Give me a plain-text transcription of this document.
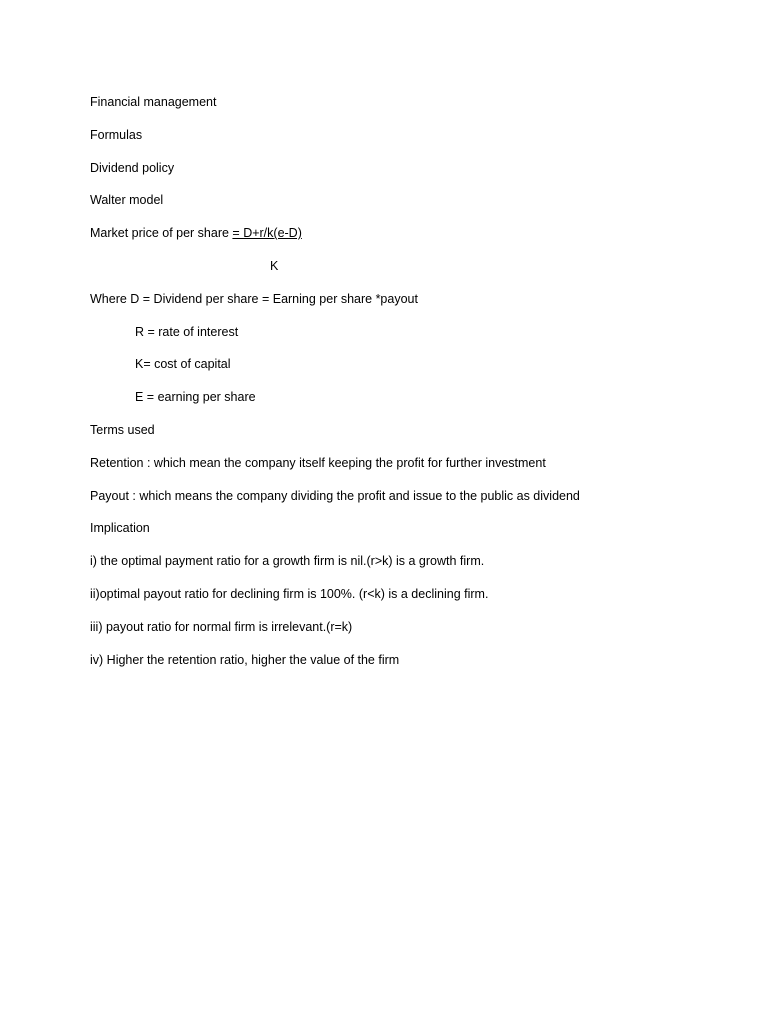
Financial management
Formulas
Dividend policy
Walter model
Market price of per share = D+r/k(e-D)
K
Where D = Dividend per share = Earning per share *payout
R = rate of interest
K= cost of capital
E = earning per share
Terms used
Retention : which mean the company itself keeping the profit for further investment
Payout : which means the company dividing the profit and issue to the public as dividend
Implication
i) the optimal payment ratio for a growth firm is nil.(r>k) is a growth firm.
ii)optimal payout ratio for declining firm is 100%. (r<k) is a declining firm.
iii) payout ratio for normal firm is irrelevant.(r=k)
iv) Higher the retention ratio, higher the value of the firm
